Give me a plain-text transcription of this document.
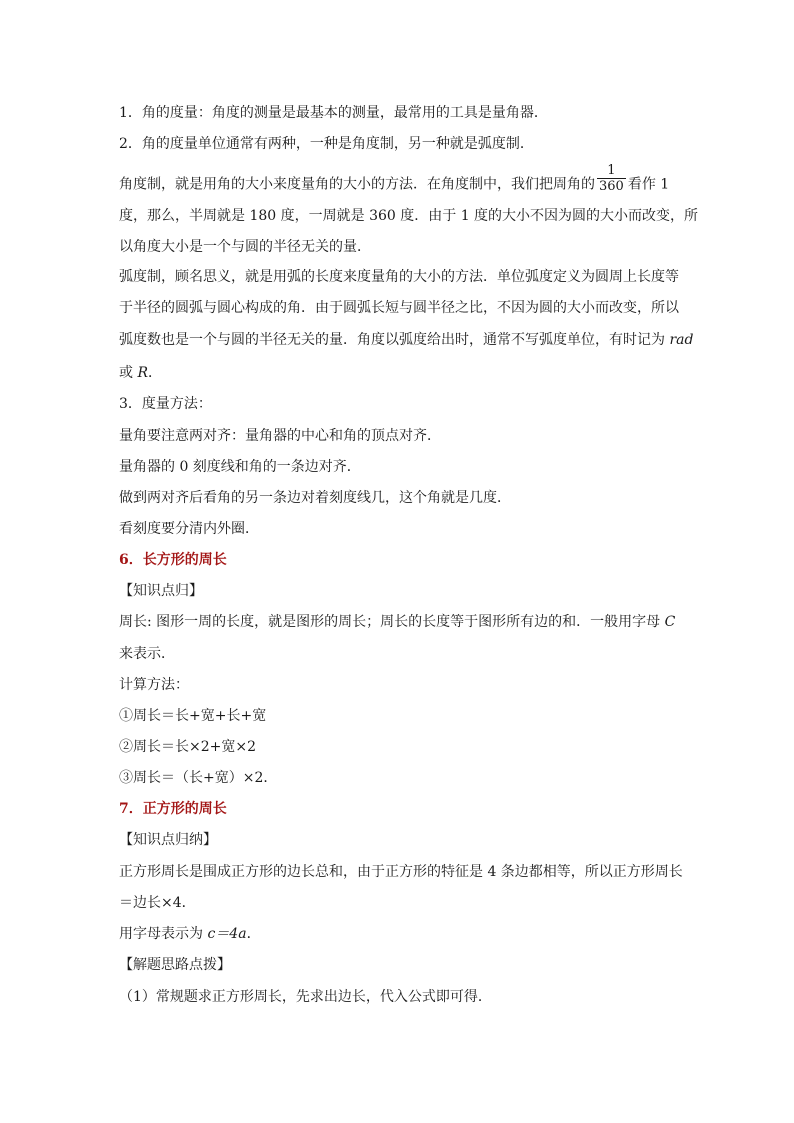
1．角的度量：角度的测量是最基本的测量，最常用的工具是量角器．
2．角的度量单位通常有两种，一种是角度制，另一种就是弧度制．
角度制，就是用角的大小来度量角的大小的方法．在角度制中，我们把周角的 $\frac{1}{360}$ 看作 1
度，那么，半周就是 180 度，一周就是 360 度．由于 1 度的大小不因为圆的大小而改变，所
以角度大小是一个与圆的半径无关的量．
弧度制，顾名思义，就是用弧的长度来度量角的大小的方法．单位弧度定义为圆周上长度等
于半径的圆弧与圆心构成的角．由于圆弧长短与圆半径之比，不因为圆的大小而改变，所以
弧度数也是一个与圆的半径无关的量．角度以弧度给出时，通常不写弧度单位，有时记为 rad
或 R．
3．度量方法：
量角要注意两对齐：量角器的中心和角的顶点对齐．
量角器的 0 刻度线和角的一条边对齐．
做到两对齐后看角的另一条边对着刻度线几，这个角就是几度．
看刻度要分清内外圈．
6．长方形的周长
【知识点归】
周长: 图形一周的长度，就是图形的周长；周长的长度等于图形所有边的和．一般用字母 C
来表示．
计算方法：
①周长＝长+宽+长+宽
②周长＝长×2+宽×2
③周长＝（长+宽）×2．
7．正方形的周长
【知识点归纳】
正方形周长是围成正方形的边长总和，由于正方形的特征是 4 条边都相等，所以正方形周长
＝边长×4．
用字母表示为 c＝4a．
【解题思路点拨】
（1）常规题求正方形周长，先求出边长，代入公式即可得．
